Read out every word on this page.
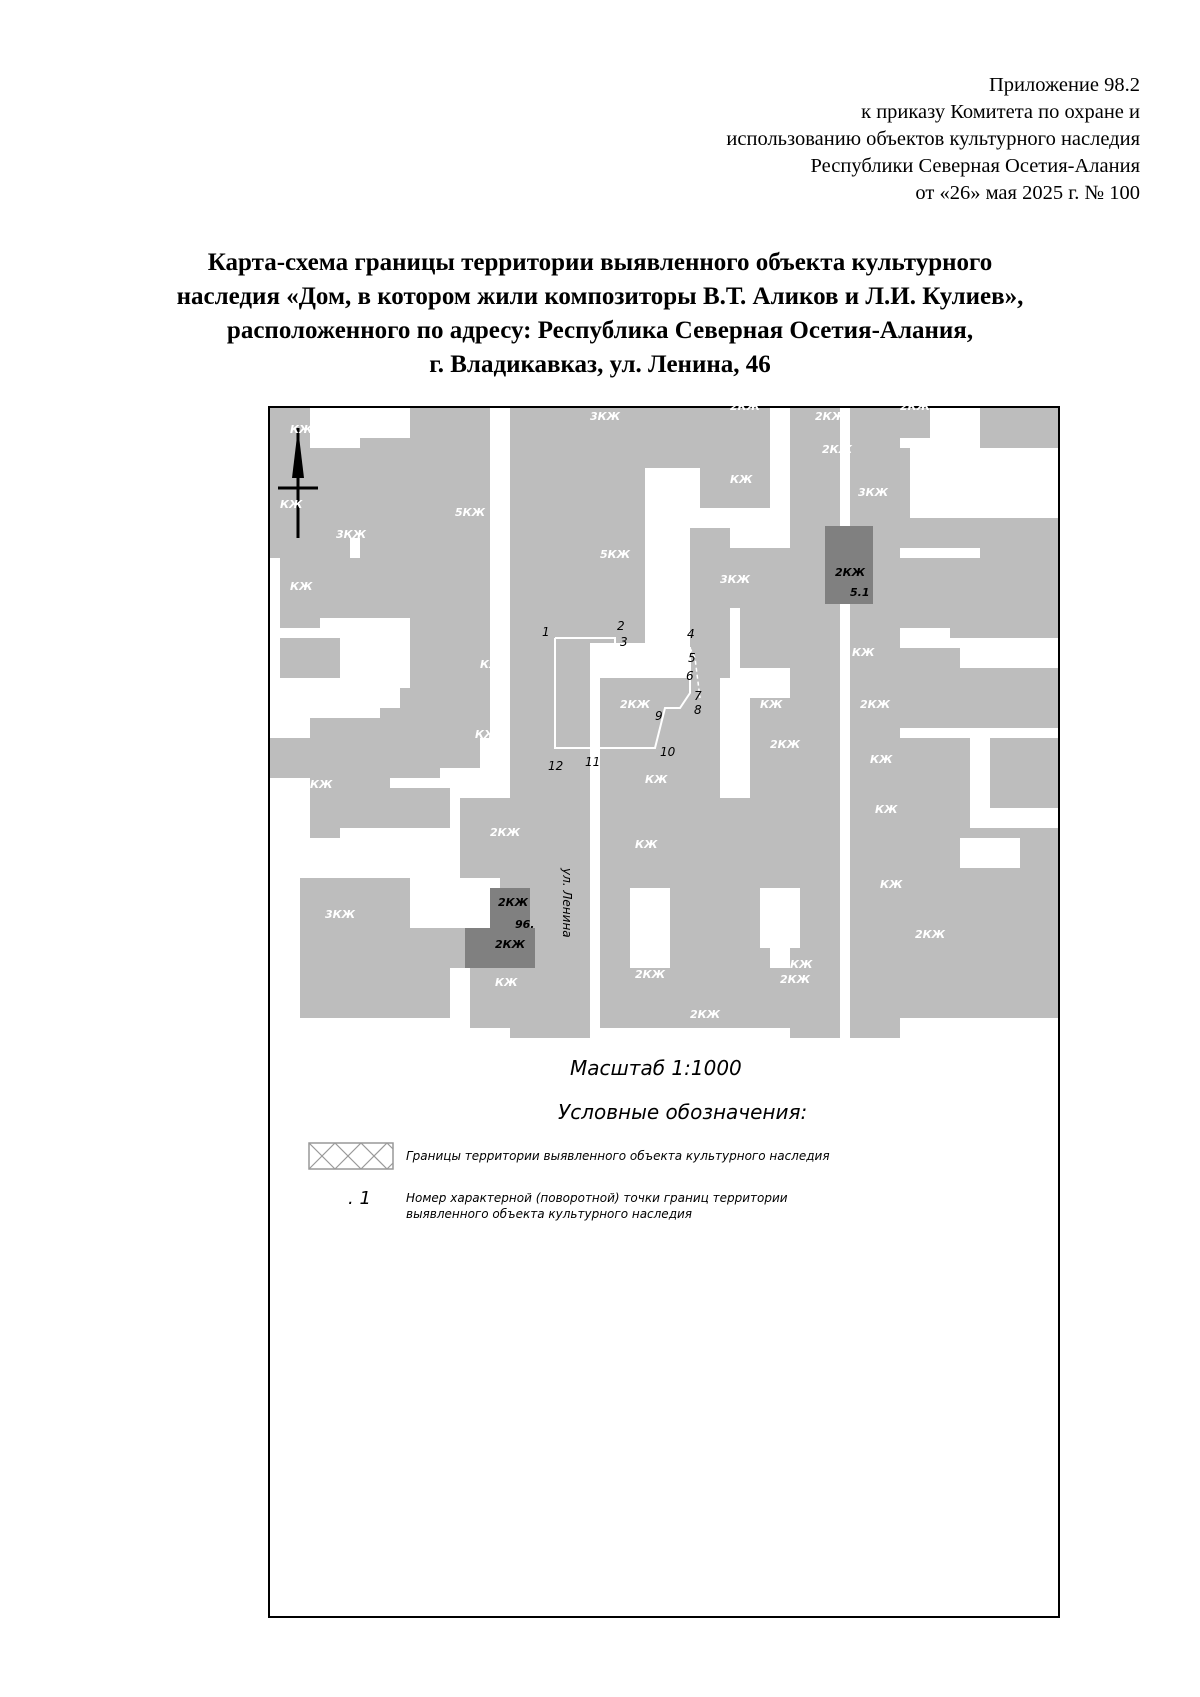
Приложение 98.2
к приказу Комитета по охране и
использованию объектов культурного наследия
Республики Северная Осетия-Алания
от «26» мая 2025 г. № 100
Карта-схема границы территории выявленного объекта культурного
наследия «Дом, в котором жили композиторы В.Т. Аликов и Л.И. Кулиев»,
расположенного по адресу: Республика Северная Осетия-Алания,
г. Владикавказ, ул. Ленина, 46
3КЖ
КЖ
КЖ
2КЖ
КЖ
3КЖ
5КЖ
КЖ
КЖ
2КЖ
КЖ
3КЖ
5КЖ
КЖ
3КЖ
2КЖ	КЖ
2КЖ
КЖ
КЖ
2КЖ	2КЖ
2КЖ
2КЖ
2КЖ
3КЖ
КЖ
2КЖ
КЖ
КЖ
КЖ
2КЖ
КЖ
КЖ
КЖ
2КЖ	2КЖ
2КЖ
5.1
2КЖ
96.
2КЖ
1	2
3
4
5
6
7
8
9
10
11
12
ул. Ленина
Масштаб 1:1000
Условные обозначения:
Границы территории выявленного объекта культурного наследия
. 1	Номер характерной (поворотной) точки границ территории
выявленного объекта культурного наследия
